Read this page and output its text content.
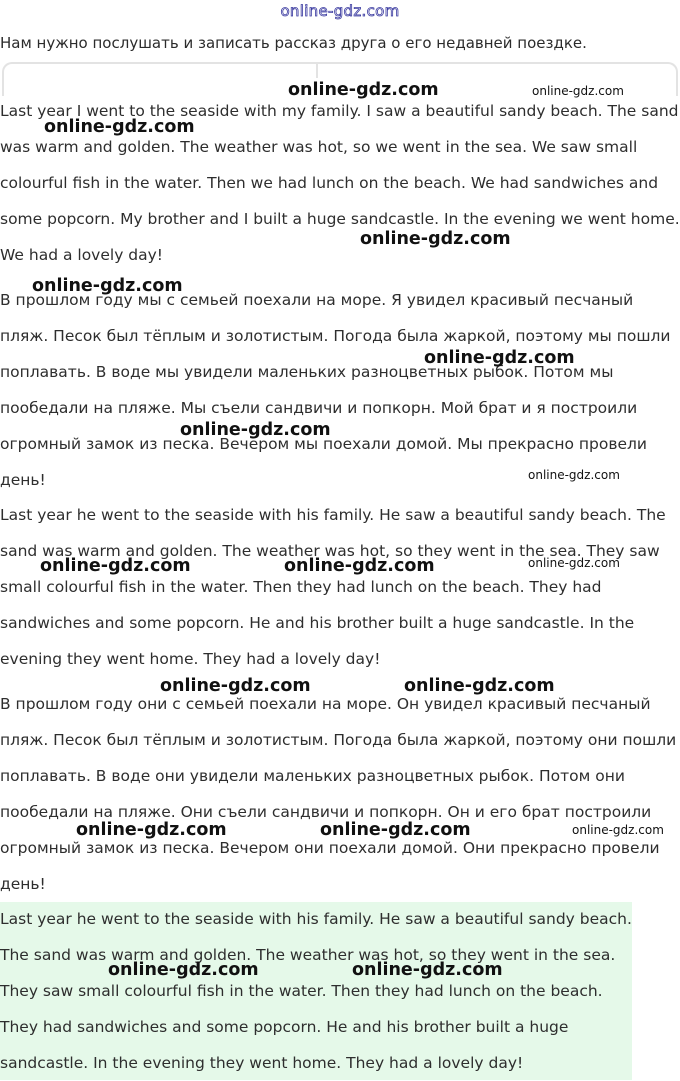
online-gdz.com
Нам нужно послушать и записать рассказ друга о его недавней поездке.

Last year I went to the seaside with my family. I saw a beautiful sandy beach. The sand was warm and golden. The weather was hot, so we went in the sea. We saw small colourful fish in the water. Then we had lunch on the beach. We had sandwiches and some popcorn. My brother and I built a huge sandcastle. In the evening we went home. We had a lovely day!

В прошлом году мы с семьей поехали на море. Я увидел красивый песчаный пляж. Песок был тёплым и золотистым. Погода была жаркой, поэтому мы пошли поплавать. В воде мы увидели маленьких разноцветных рыбок. Потом мы пообедали на пляже. Мы съели сандвичи и попкорн. Мой брат и я построили огромный замок из песка. Вечером мы поехали домой. Мы прекрасно провели день!

Last year he went to the seaside with his family. He saw a beautiful sandy beach. The sand was warm and golden. The weather was hot, so they went in the sea. They saw small colourful fish in the water. Then they had lunch on the beach. They had sandwiches and some popcorn. He and his brother built a huge sandcastle. In the evening they went home. They had a lovely day!

В прошлом году они с семьей поехали на море. Он увидел красивый песчаный пляж. Песок был тёплым и золотистым. Погода была жаркой, поэтому они пошли поплавать. В воде они увидели маленьких разноцветных рыбок. Потом они пообедали на пляже. Они съели сандвичи и попкорн. Он и его брат построили огромный замок из песка. Вечером они поехали домой. Они прекрасно провели день!

Last year he went to the seaside with his family. He saw a beautiful sandy beach. The sand was warm and golden. The weather was hot, so they went in the sea. They saw small colourful fish in the water. Then they had lunch on the beach. They had sandwiches and some popcorn. He and his brother built a huge sandcastle. In the evening they went home. They had a lovely day!

online-gdz.com	online-gdz.com
online-gdz.com
online-gdz.com
online-gdz.com
online-gdz.com
online-gdz.com
online-gdz.com
online-gdz.com	online-gdz.com	online-gdz.com
online-gdz.com	online-gdz.com
online-gdz.com	online-gdz.com	online-gdz.com
online-gdz.com	online-gdz.com
